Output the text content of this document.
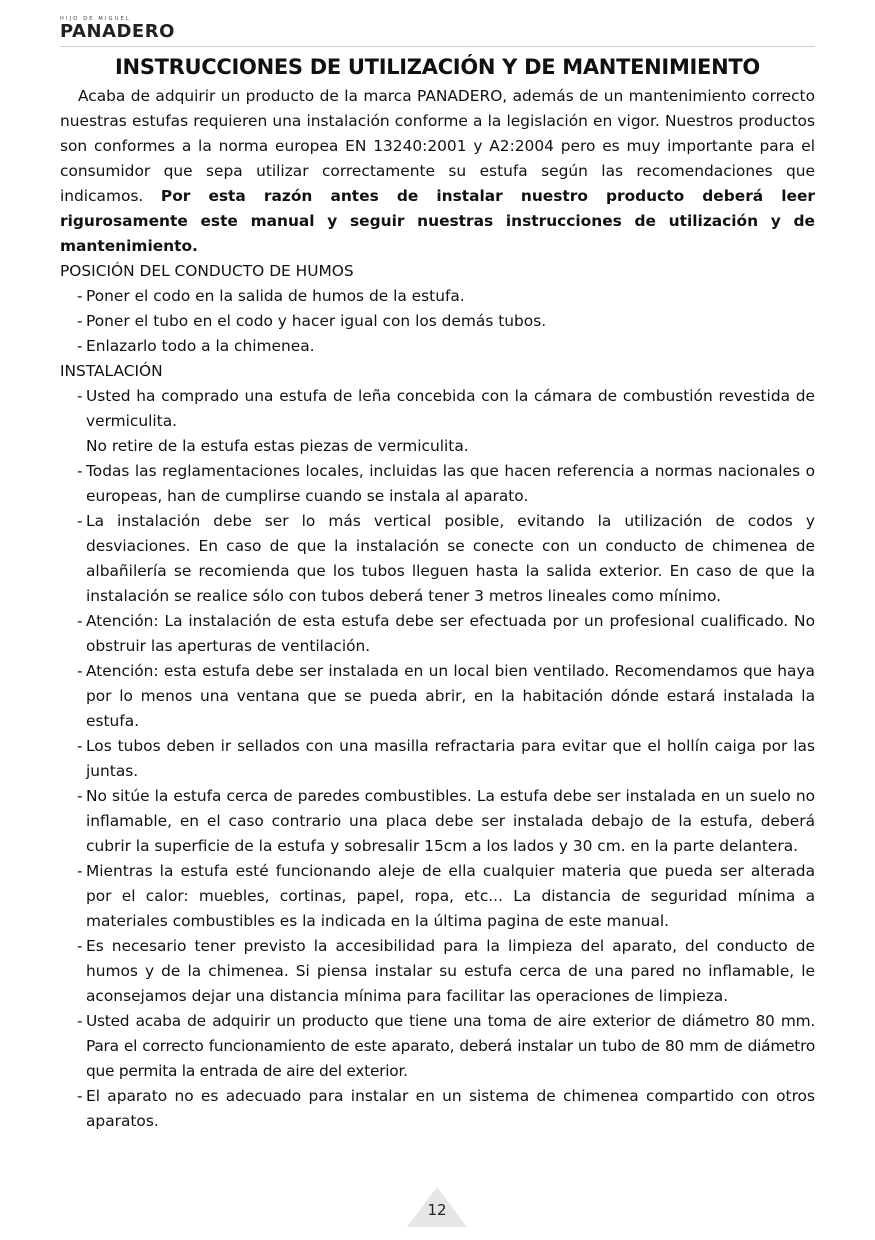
HIJO DE MIGUEL
PANADERO
INSTRUCCIONES DE UTILIZACIÓN Y DE MANTENIMIENTO

Acaba de adquirir un producto de la marca PANADERO, además de un mantenimiento correcto nuestras estufas requieren una instalación conforme a la legislación en vigor. Nuestros productos son conformes a la norma europea EN 13240:2001 y A2:2004 pero es muy importante para el consumidor que sepa utilizar correctamente su estufa según las recomendaciones que indicamos. Por esta razón antes de instalar nuestro producto deberá leer rigurosamente este manual y seguir nuestras instrucciones de utilización y de mantenimiento.

POSICIÓN DEL CONDUCTO DE HUMOS
- Poner el codo en la salida de humos de la estufa.
- Poner el tubo en el codo y hacer igual con los demás tubos.
- Enlazarlo todo a la chimenea.
INSTALACIÓN
- Usted ha comprado una estufa de leña concebida con la cámara de combustión revestida de vermiculita.
No retire de la estufa estas piezas de vermiculita.
- Todas las reglamentaciones locales, incluidas las que hacen referencia a normas nacionales o europeas, han de cumplirse cuando se instala al aparato.
- La instalación debe ser lo más vertical posible, evitando la utilización de codos y desviaciones. En caso de que la instalación se conecte con un conducto de chimenea de albañilería se recomienda que los tubos lleguen hasta la salida exterior. En caso de que la instalación se realice sólo con tubos deberá tener 3 metros lineales como mínimo.
- Atención: La instalación de esta estufa debe ser efectuada por un profesional cualificado. No obstruir las aperturas de ventilación.
- Atención: esta estufa debe ser instalada en un local bien ventilado. Recomendamos que haya por lo menos una ventana que se pueda abrir, en la habitación dónde estará instalada la estufa.
- Los tubos deben ir sellados con una masilla refractaria para evitar que el hollín caiga por las juntas.
- No sitúe la estufa cerca de paredes combustibles. La estufa debe ser instalada en un suelo no inflamable, en el caso contrario una placa debe ser instalada debajo de la estufa, deberá cubrir la superficie de la estufa y sobresalir 15cm a los lados y 30 cm. en la parte delantera.
- Mientras la estufa esté funcionando aleje de ella cualquier materia que pueda ser alterada por el calor: muebles, cortinas, papel, ropa, etc... La distancia de seguridad mínima a materiales combustibles es la indicada en la última pagina de este manual.
- Es necesario tener previsto la accesibilidad para la limpieza del aparato, del conducto de humos y de la chimenea. Si piensa instalar su estufa cerca de una pared no inflamable, le aconsejamos dejar una distancia mínima para facilitar las operaciones de limpieza.
- Usted acaba de adquirir un producto que tiene una toma de aire exterior de diámetro 80 mm. Para el correcto funcionamiento de este aparato, deberá instalar un tubo de 80 mm de diámetro que permita la entrada de aire del exterior.
- El aparato no es adecuado para instalar en un sistema de chimenea compartido con otros aparatos.
12
